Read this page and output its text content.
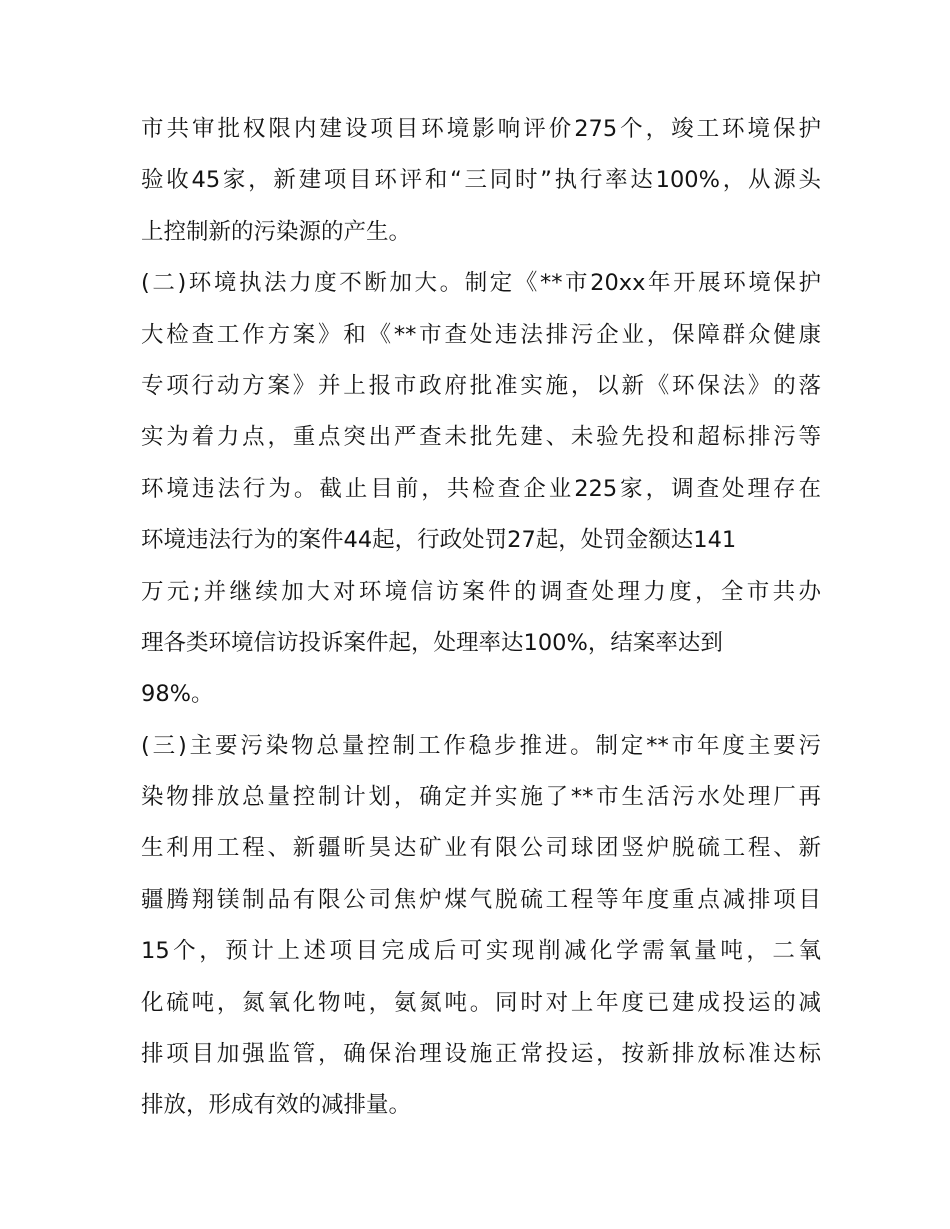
市共审批权限内建设项目环境影响评价275个，竣工环境保护

验收45家，新建项目环评和“三同时”执行率达100%，从源头

上控制新的污染源的产生。

(二)环境执法力度不断加大。制定《**市20xx年开展环境保护

大检查工作方案》和《**市查处违法排污企业，保障群众健康

专项行动方案》并上报市政府批准实施，以新《环保法》的落

实为着力点，重点突出严查未批先建、未验先投和超标排污等

环境违法行为。截止目前，共检查企业225家，调查处理存在

环境违法行为的案件44起，行政处罚27起，处罚金额达141

万元;并继续加大对环境信访案件的调查处理力度，全市共办

理各类环境信访投诉案件起，处理率达100%，结案率达到

98%。

(三)主要污染物总量控制工作稳步推进。制定**市年度主要污

染物排放总量控制计划，确定并实施了**市生活污水处理厂再

生利用工程、新疆昕昊达矿业有限公司球团竖炉脱硫工程、新

疆腾翔镁制品有限公司焦炉煤气脱硫工程等年度重点减排项目

15个，预计上述项目完成后可实现削减化学需氧量吨，二氧

化硫吨，氮氧化物吨，氨氮吨。同时对上年度已建成投运的减

排项目加强监管，确保治理设施正常投运，按新排放标准达标

排放，形成有效的减排量。
